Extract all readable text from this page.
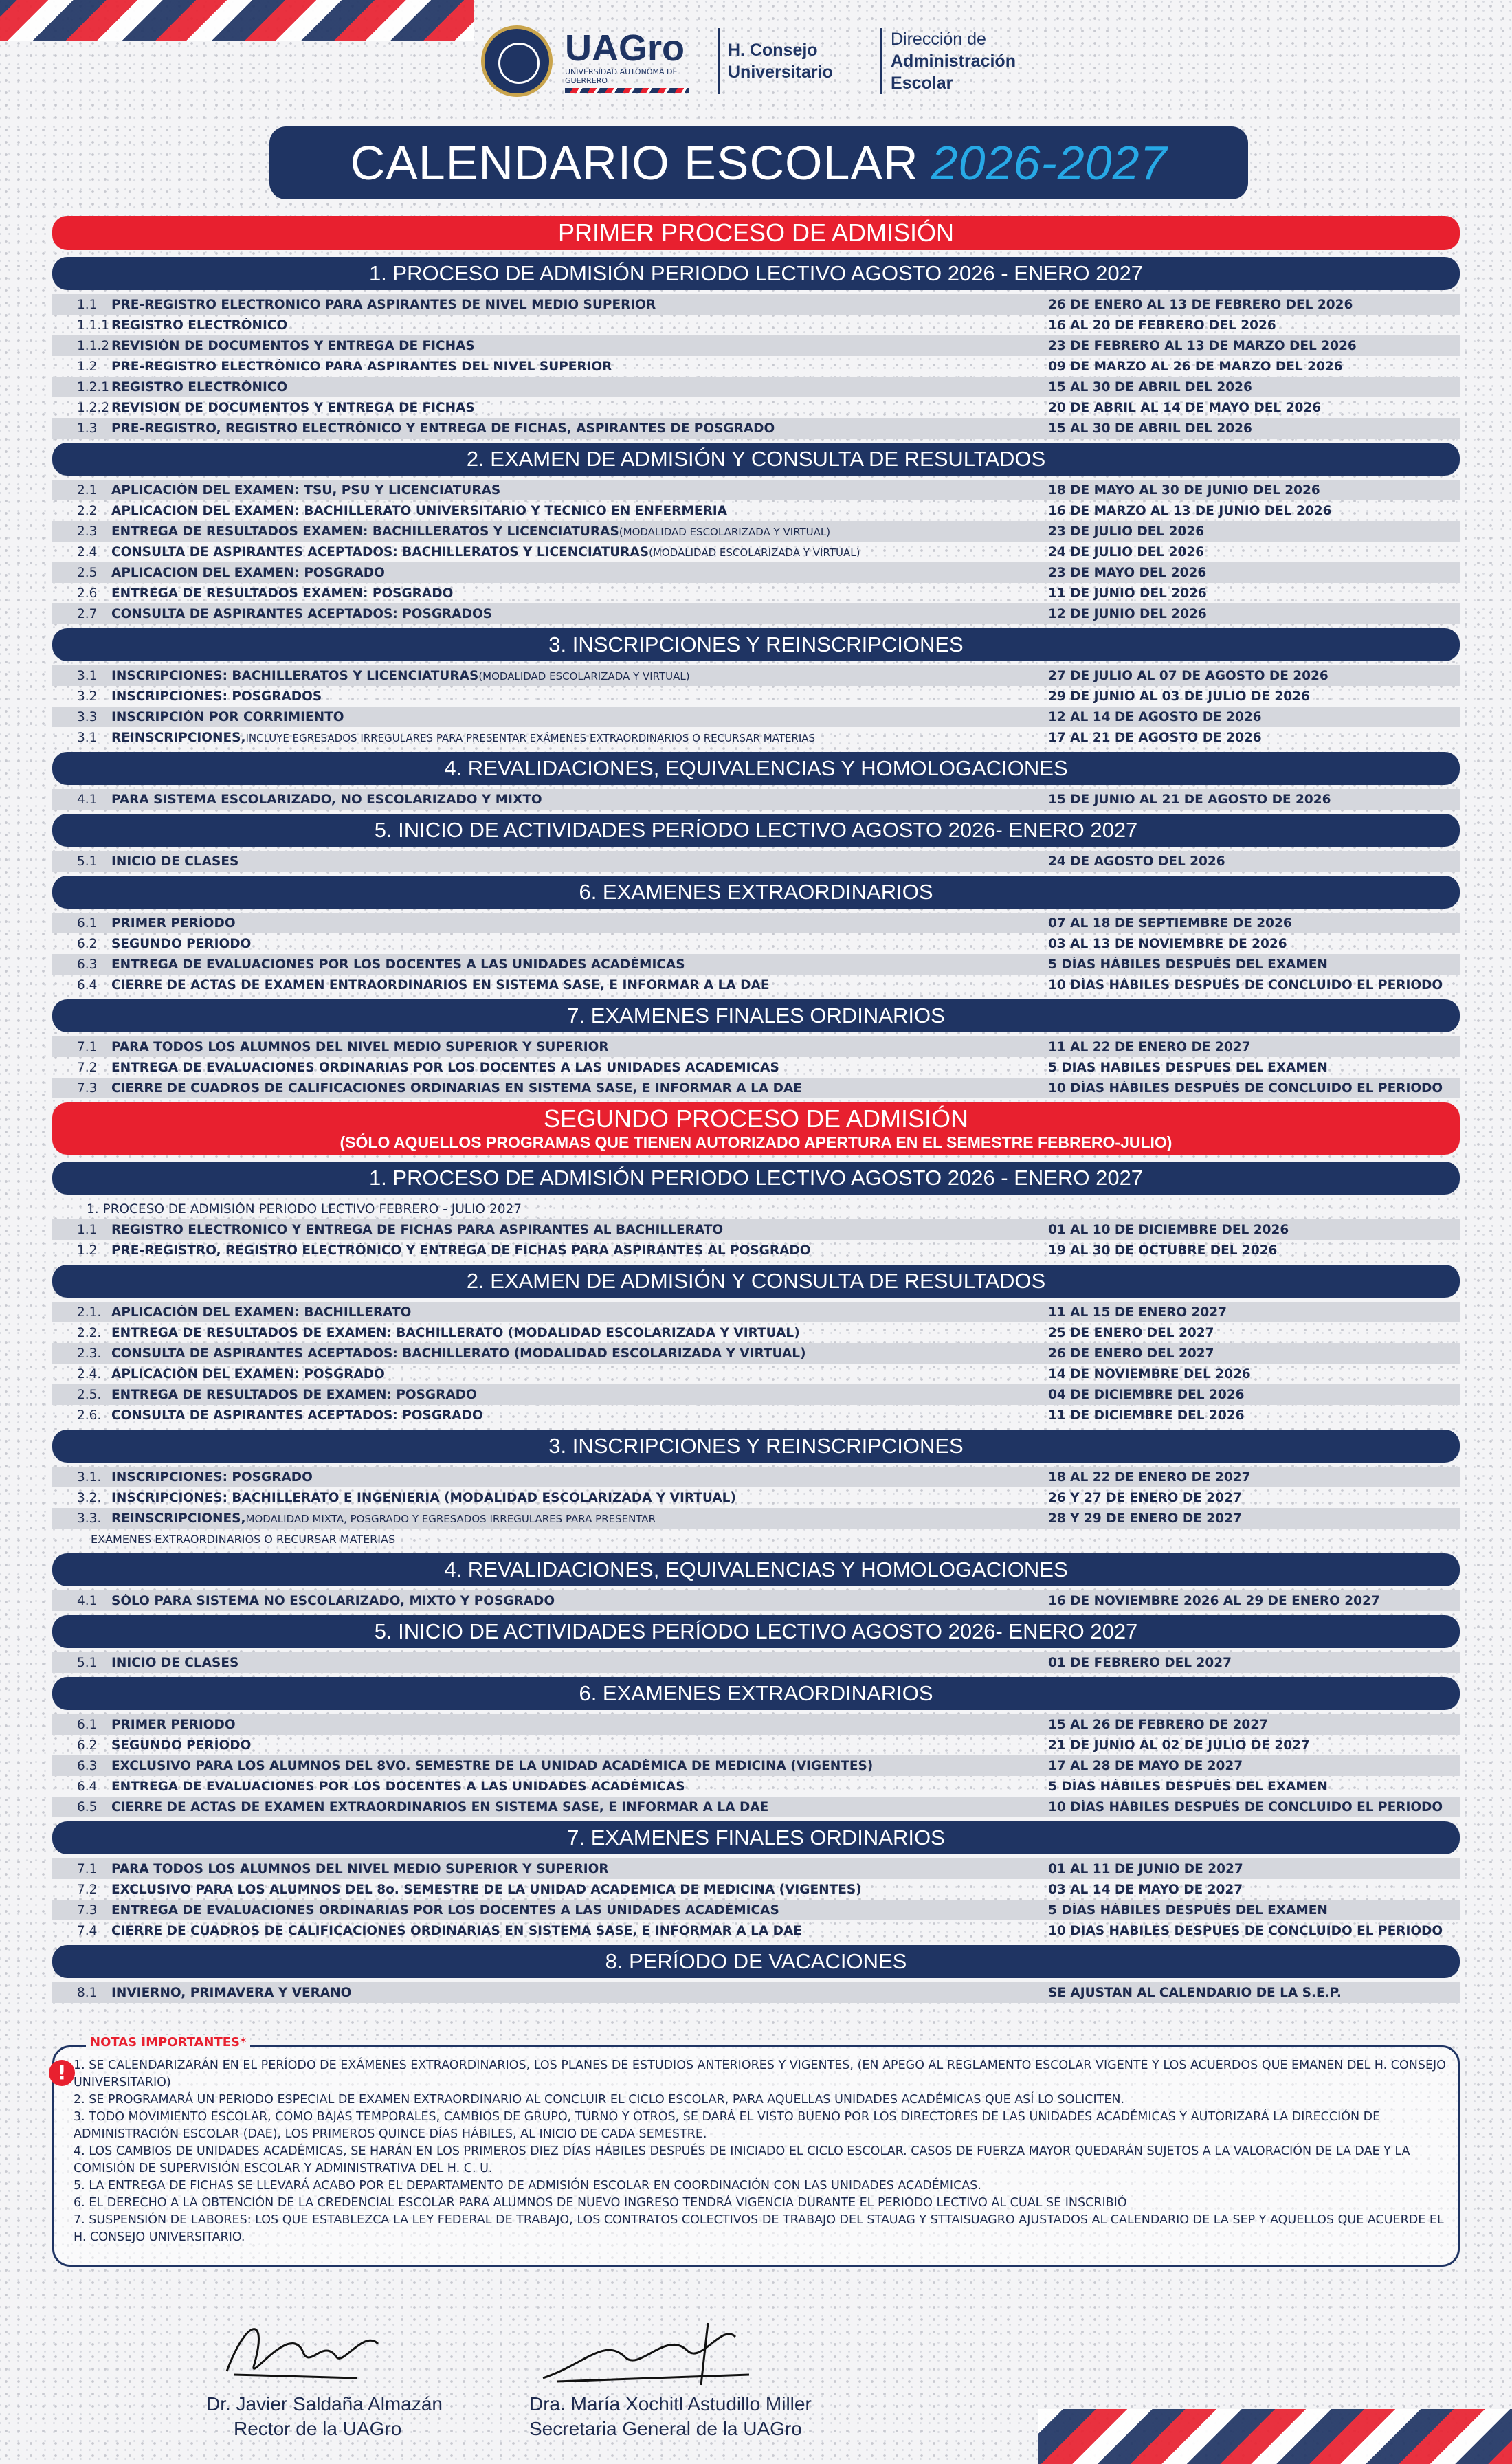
UAGro
UNIVERSIDAD AUTÓNOMA DE GUERRERO
H. Consejo
Universitario
Dirección de
Administración
Escolar
CALENDARIO ESCOLAR 2026-2027
PRIMER PROCESO DE ADMISIÓN
1. PROCESO DE ADMISIÓN PERIODO LECTIVO AGOSTO 2026 - ENERO 2027
1.1	PRE-REGISTRO ELECTRÓNICO PARA ASPIRANTES DE NIVEL MEDIO SUPERIOR	26 DE ENERO AL 13 DE FEBRERO DEL 2026
1.1.1 REGISTRO ELECTRÓNICO	16 AL 20 DE FEBRERO DEL 2026
1.1.2 REVISIÓN DE DOCUMENTOS Y ENTREGA DE FICHAS	23 DE FEBRERO AL 13 DE MARZO DEL 2026
1.2	PRE-REGISTRO ELECTRÓNICO PARA ASPIRANTES DEL NIVEL SUPERIOR	09 DE MARZO AL 26 DE MARZO DEL 2026
1.2.1 REGISTRO ELECTRÓNICO	15 AL 30 DE ABRIL DEL 2026
1.2.2 REVISIÓN DE DOCUMENTOS Y ENTREGA DE FICHAS	20 DE ABRIL AL 14 DE MAYO DEL 2026
1.3	PRE-REGISTRO, REGISTRO ELECTRÓNICO Y ENTREGA DE FICHAS, ASPIRANTES DE POSGRADO	15 AL 30 DE ABRIL DEL 2026
2. EXAMEN DE ADMISIÓN Y CONSULTA DE RESULTADOS
2.1	APLICACIÓN DEL EXAMEN: TSU, PSU Y LICENCIATURAS	18 DE MAYO AL 30 DE JUNIO DEL 2026
2.2	APLICACIÓN DEL EXAMEN: BACHILLERATO UNIVERSITARIO Y TÉCNICO EN ENFERMERÍA	16 DE MARZO AL 13 DE JUNIO DEL 2026
2.3	ENTREGA DE RESULTADOS EXAMEN: BACHILLERATOS Y LICENCIATURAS(MODALIDAD ESCOLARIZADA Y VIRTUAL)	23 DE JULIO DEL 2026
2.4	CONSULTA DE ASPIRANTES ACEPTADOS: BACHILLERATOS Y LICENCIATURAS(MODALIDAD ESCOLARIZADA Y VIRTUAL)	24 DE JULIO DEL 2026
2.5	APLICACIÓN DEL EXAMEN: POSGRADO	23 DE MAYO DEL 2026
2.6	ENTREGA DE RESULTADOS EXAMEN: POSGRADO	11 DE JUNIO DEL 2026
2.7	CONSULTA DE ASPIRANTES ACEPTADOS: POSGRADOS	12 DE JUNIO DEL 2026
3. INSCRIPCIONES Y REINSCRIPCIONES
3.1	INSCRIPCIONES: BACHILLERATOS Y LICENCIATURAS(MODALIDAD ESCOLARIZADA Y VIRTUAL)	27 DE JULIO AL 07 DE AGOSTO DE 2026
3.2	INSCRIPCIONES: POSGRADOS	29 DE JUNIO AL 03 DE JULIO DE 2026
3.3	INSCRIPCIÓN POR CORRIMIENTO	12 AL 14 DE AGOSTO DE 2026
3.1	REINSCRIPCIONES,INCLUYE EGRESADOS IRREGULARES PARA PRESENTAR EXÁMENES EXTRAORDINARIOS O RECURSAR MATERIAS	17 AL 21 DE AGOSTO DE 2026
4. REVALIDACIONES, EQUIVALENCIAS Y HOMOLOGACIONES
4.1	PARA SISTEMA ESCOLARIZADO, NO ESCOLARIZADO Y MIXTO	15 DE JUNIO AL 21 DE AGOSTO DE 2026
5. INICIO DE ACTIVIDADES PERÍODO LECTIVO AGOSTO 2026- ENERO 2027
5.1	INICIO DE CLASES	24 DE AGOSTO DEL 2026
6. EXAMENES EXTRAORDINARIOS
6.1	PRIMER PERÍODO	07 AL 18 DE SEPTIEMBRE DE 2026
6.2	SEGUNDO PERÍODO	03 AL 13 DE NOVIEMBRE DE 2026
6.3	ENTREGA DE EVALUACIONES POR LOS DOCENTES A LAS UNIDADES ACADÉMICAS	5 DÍAS HÁBILES DESPUÉS DEL EXAMEN
6.4	CIERRE DE ACTAS DE EXAMEN ENTRAORDINARIOS EN SISTEMA SASE, E INFORMAR A LA DAE	10 DÍAS HÁBILES DESPUÉS DE CONCLUIDO EL PERIODO
7. EXAMENES FINALES ORDINARIOS
7.1	PARA TODOS LOS ALUMNOS DEL NIVEL MEDIO SUPERIOR Y SUPERIOR	11 AL 22 DE ENERO DE 2027
7.2	ENTREGA DE EVALUACIONES ORDINARIAS POR LOS DOCENTES A LAS UNIDADES ACADÉMICAS	5 DÍAS HÁBILES DESPUÉS DEL EXAMEN
7.3	CIERRE DE CUADROS DE CALIFICACIONES ORDINARIAS EN SISTEMA SASE, E INFORMAR A LA DAE	10 DÍAS HÁBILES DESPUÉS DE CONCLUIDO EL PERIODO
SEGUNDO PROCESO DE ADMISIÓN
(SÓLO AQUELLOS PROGRAMAS QUE TIENEN AUTORIZADO APERTURA EN EL SEMESTRE FEBRERO-JULIO)
1. PROCESO DE ADMISIÓN PERIODO LECTIVO AGOSTO 2026 - ENERO 2027
1. PROCESO DE ADMISIÓN PERIODO LECTIVO FEBRERO - JULIO 2027
1.1	REGISTRO ELECTRÓNICO Y ENTREGA DE FICHAS PARA ASPIRANTES AL BACHILLERATO	01 AL 10 DE DICIEMBRE DEL 2026
1.2	PRE-REGISTRO, REGISTRO ELECTRÓNICO Y ENTREGA DE FICHAS PARA ASPIRANTES AL POSGRADO	19 AL 30 DE OCTUBRE DEL 2026
2. EXAMEN DE ADMISIÓN Y CONSULTA DE RESULTADOS
2.1. APLICACIÓN DEL EXAMEN: BACHILLERATO	11 AL 15 DE ENERO 2027
2.2. ENTREGA DE RESULTADOS DE EXAMEN: BACHILLERATO (MODALIDAD ESCOLARIZADA Y VIRTUAL)	25 DE ENERO DEL 2027
2.3. CONSULTA DE ASPIRANTES ACEPTADOS: BACHILLERATO (MODALIDAD ESCOLARIZADA Y VIRTUAL)	26 DE ENERO DEL 2027
2.4. APLICACIÓN DEL EXAMEN: POSGRADO	14 DE NOVIEMBRE DEL 2026
2.5. ENTREGA DE RESULTADOS DE EXAMEN: POSGRADO	04 DE DICIEMBRE DEL 2026
2.6. CONSULTA DE ASPIRANTES ACEPTADOS: POSGRADO	11 DE DICIEMBRE DEL 2026
3. INSCRIPCIONES Y REINSCRIPCIONES
3.1. INSCRIPCIONES: POSGRADO	18 AL 22 DE ENERO DE 2027
3.2. INSCRIPCIONES: BACHILLERATO E INGENIERÍA (MODALIDAD ESCOLARIZADA Y VIRTUAL)	26 Y 27 DE ENERO DE 2027
3.3. REINSCRIPCIONES,MODALIDAD MIXTA, POSGRADO Y EGRESADOS IRREGULARES PARA PRESENTAR	28 Y 29 DE ENERO DE 2027
EXÁMENES EXTRAORDINARIOS O RECURSAR MATERIAS
4. REVALIDACIONES, EQUIVALENCIAS Y HOMOLOGACIONES
4.1	SÓLO PARA SISTEMA NO ESCOLARIZADO, MIXTO Y POSGRADO	16 DE NOVIEMBRE 2026 AL 29 DE ENERO 2027
5. INICIO DE ACTIVIDADES PERÍODO LECTIVO AGOSTO 2026- ENERO 2027
5.1	INICIO DE CLASES	01 DE FEBRERO DEL 2027
6. EXAMENES EXTRAORDINARIOS
6.1	PRIMER PERÍODO	15 AL 26 DE FEBRERO DE 2027
6.2	SEGUNDO PERÍODO	21 DE JUNIO AL 02 DE JULIO DE 2027
6.3	EXCLUSIVO PARA LOS ALUMNOS DEL 8VO. SEMESTRE DE LA UNIDAD ACADÉMICA DE MEDICINA (VIGENTES)	17 AL 28 DE MAYO DE 2027
6.4	ENTREGA DE EVALUACIONES POR LOS DOCENTES A LAS UNIDADES ACADÉMICAS	5 DÍAS HÁBILES DESPUÉS DEL EXAMEN
6.5	CIERRE DE ACTAS DE EXAMEN EXTRAORDINARIOS EN SISTEMA SASE, E INFORMAR A LA DAE	10 DÍAS HÁBILES DESPUÉS DE CONCLUIDO EL PERIODO
7. EXAMENES FINALES ORDINARIOS
7.1	PARA TODOS LOS ALUMNOS DEL NIVEL MEDIO SUPERIOR Y SUPERIOR	01 AL 11 DE JUNIO DE 2027
7.2	EXCLUSIVO PARA LOS ALUMNOS DEL 8o. SEMESTRE DE LA UNIDAD ACADÉMICA DE MEDICINA (VIGENTES)	03 AL 14 DE MAYO DE 2027
7.3	ENTREGA DE EVALUACIONES ORDINARIAS POR LOS DOCENTES A LAS UNIDADES ACADÉMICAS	5 DÍAS HÁBILES DESPUÉS DEL EXAMEN
7.4	CIERRE DE CUADROS DE CALIFICACIONES ORDINARIAS EN SISTEMA SASE, E INFORMAR A LA DAE	10 DÍAS HÁBILES DESPUÉS DE CONCLUIDO EL PERIODO
8. PERÍODO DE VACACIONES
8.1	INVIERNO, PRIMAVERA Y VERANO	SE AJUSTAN AL CALENDARIO DE LA S.E.P.
NOTAS IMPORTANTES*
! 1. SE CALENDARIZARÁN EN EL PERÍODO DE EXÁMENES EXTRAORDINARIOS, LOS PLANES DE ESTUDIOS ANTERIORES Y VIGENTES, (EN APEGO AL REGLAMENTO ESCOLAR VIGENTE Y LOS ACUERDOS QUE EMANEN DEL H. CONSEJO UNIVERSITARIO)
2. SE PROGRAMARÁ UN PERIODO ESPECIAL DE EXAMEN EXTRAORDINARIO AL CONCLUIR EL CICLO ESCOLAR, PARA AQUELLAS UNIDADES ACADÉMICAS QUE ASÍ LO SOLICITEN.
3. TODO MOVIMIENTO ESCOLAR, COMO BAJAS TEMPORALES, CAMBIOS DE GRUPO, TURNO Y OTROS, SE DARÁ EL VISTO BUENO POR LOS DIRECTORES DE LAS UNIDADES ACADÉMICAS Y AUTORIZARÁ LA DIRECCIÓN DE ADMINISTRACIÓN ESCOLAR (DAE), LOS PRIMEROS QUINCE DÍAS HÁBILES, AL INICIO DE CADA SEMESTRE.
4. LOS CAMBIOS DE UNIDADES ACADÉMICAS, SE HARÁN EN LOS PRIMEROS DIEZ DÍAS HÁBILES DESPUÉS DE INICIADO EL CICLO ESCOLAR. CASOS DE FUERZA MAYOR QUEDARÁN SUJETOS A LA VALORACIÓN DE LA DAE Y LA COMISIÓN DE SUPERVISIÓN ESCOLAR Y ADMINISTRATIVA DEL H. C. U.
5. LA ENTREGA DE FICHAS SE LLEVARÁ ACABO POR EL DEPARTAMENTO DE ADMISIÓN ESCOLAR EN COORDINACIÓN CON LAS UNIDADES ACADÉMICAS.
6. EL DERECHO A LA OBTENCIÓN DE LA CREDENCIAL ESCOLAR PARA ALUMNOS DE NUEVO INGRESO TENDRÁ VIGENCIA DURANTE EL PERIODO LECTIVO AL CUAL SE INSCRIBIÓ
7. SUSPENSIÓN DE LABORES: LOS QUE ESTABLEZCA LA LEY FEDERAL DE TRABAJO, LOS CONTRATOS COLECTIVOS DE TRABAJO DEL STAUAG Y STTAISUAGRO AJUSTADOS AL CALENDARIO DE LA SEP Y AQUELLOS QUE ACUERDE EL H. CONSEJO UNIVERSITARIO.
Dr. Javier Saldaña Almazán
Rector de la UAGro
Dra. María Xochitl Astudillo Miller
Secretaria General de la UAGro
